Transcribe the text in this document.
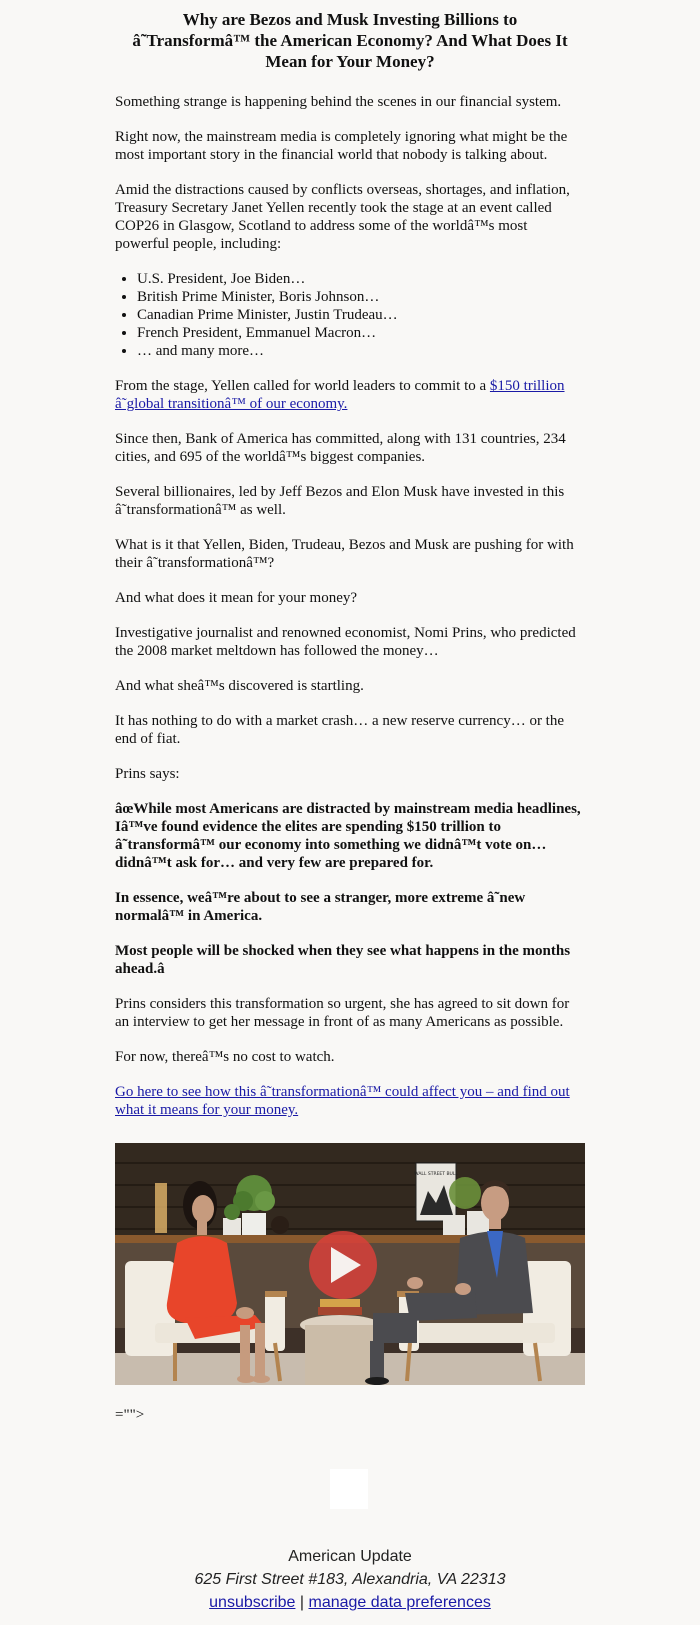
Why are Bezos and Musk Investing Billions to â˜Transformâ™ the American Economy? And What Does It Mean for Your Money?

Something strange is happening behind the scenes in our financial system.

Right now, the mainstream media is completely ignoring what might be the most important story in the financial world that nobody is talking about.

Amid the distractions caused by conflicts overseas, shortages, and inflation, Treasury Secretary Janet Yellen recently took the stage at an event called COP26 in Glasgow, Scotland to address some of the worldâ™s most powerful people, including:

• U.S. President, Joe Biden…
• British Prime Minister, Boris Johnson…
• Canadian Prime Minister, Justin Trudeau…
• French President, Emmanuel Macron…
• … and many more…

From the stage, Yellen called for world leaders to commit to a $150 trillion â˜global transitionâ™ of our economy.

Since then, Bank of America has committed, along with 131 countries, 234 cities, and 695 of the worldâ™s biggest companies.

Several billionaires, led by Jeff Bezos and Elon Musk have invested in this â˜transformationâ™ as well.

What is it that Yellen, Biden, Trudeau, Bezos and Musk are pushing for with their â˜transformationâ™?

And what does it mean for your money?

Investigative journalist and renowned economist, Nomi Prins, who predicted the 2008 market meltdown has followed the money…

And what sheâ™s discovered is startling.

It has nothing to do with a market crash… a new reserve currency… or the end of fiat.

Prins says:

âœWhile most Americans are distracted by mainstream media headlines, Iâ™ve found evidence the elites are spending $150 trillion to â˜transformâ™ our economy into something we didnâ™t vote on… didnâ™t ask for… and very few are prepared for.

In essence, weâ™re about to see a stranger, more extreme â˜new normalâ™ in America.

Most people will be shocked when they see what happens in the months ahead.â

Prins considers this transformation so urgent, she has agreed to sit down for an interview to get her message in front of as many Americans as possible.

For now, thereâ™s no cost to watch.

Go here to see how this â˜transformationâ™ could affect you – and find out what it means for your money.

WALL STREET BULL
="">
American Update
625 First Street #183, Alexandria, VA 22313
unsubscribe | manage data preferences
